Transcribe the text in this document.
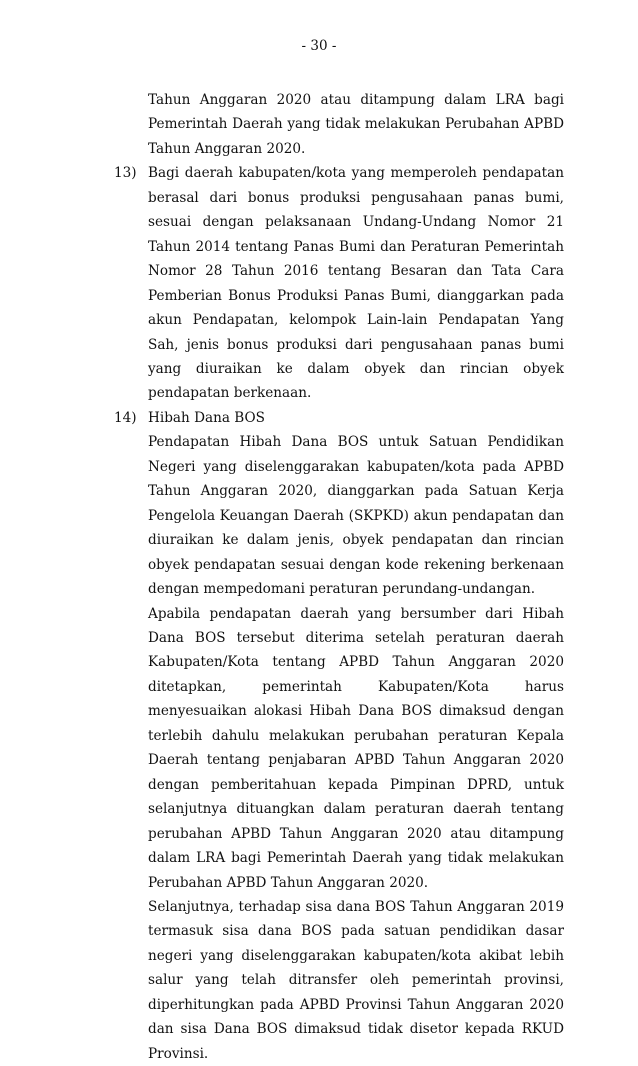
- 30 -
Tahun Anggaran 2020 atau ditampung dalam LRA bagi Pemerintah Daerah yang tidak melakukan Perubahan APBD Tahun Anggaran 2020.
13) Bagi daerah kabupaten/kota yang memperoleh pendapatan berasal dari bonus produksi pengusahaan panas bumi, sesuai dengan pelaksanaan Undang-Undang Nomor 21 Tahun 2014 tentang Panas Bumi dan Peraturan Pemerintah Nomor 28 Tahun 2016 tentang Besaran dan Tata Cara Pemberian Bonus Produksi Panas Bumi, dianggarkan pada akun Pendapatan, kelompok Lain-lain Pendapatan Yang Sah, jenis bonus produksi dari pengusahaan panas bumi yang diuraikan ke dalam obyek dan rincian obyek pendapatan berkenaan.
14) Hibah Dana BOS
Pendapatan Hibah Dana BOS untuk Satuan Pendidikan Negeri yang diselenggarakan kabupaten/kota pada APBD Tahun Anggaran 2020, dianggarkan pada Satuan Kerja Pengelola Keuangan Daerah (SKPKD) akun pendapatan dan diuraikan ke dalam jenis, obyek pendapatan dan rincian obyek pendapatan sesuai dengan kode rekening berkenaan dengan mempedomani peraturan perundang-undangan.
Apabila pendapatan daerah yang bersumber dari Hibah Dana BOS tersebut diterima setelah peraturan daerah Kabupaten/Kota tentang APBD Tahun Anggaran 2020 ditetapkan, pemerintah Kabupaten/Kota harus menyesuaikan alokasi Hibah Dana BOS dimaksud dengan terlebih dahulu melakukan perubahan peraturan Kepala Daerah tentang penjabaran APBD Tahun Anggaran 2020 dengan pemberitahuan kepada Pimpinan DPRD, untuk selanjutnya dituangkan dalam peraturan daerah tentang perubahan APBD Tahun Anggaran 2020 atau ditampung dalam LRA bagi Pemerintah Daerah yang tidak melakukan Perubahan APBD Tahun Anggaran 2020.
Selanjutnya, terhadap sisa dana BOS Tahun Anggaran 2019 termasuk sisa dana BOS pada satuan pendidikan dasar negeri yang diselenggarakan kabupaten/kota akibat lebih salur yang telah ditransfer oleh pemerintah provinsi, diperhitungkan pada APBD Provinsi Tahun Anggaran 2020 dan sisa Dana BOS dimaksud tidak disetor kepada RKUD Provinsi.
